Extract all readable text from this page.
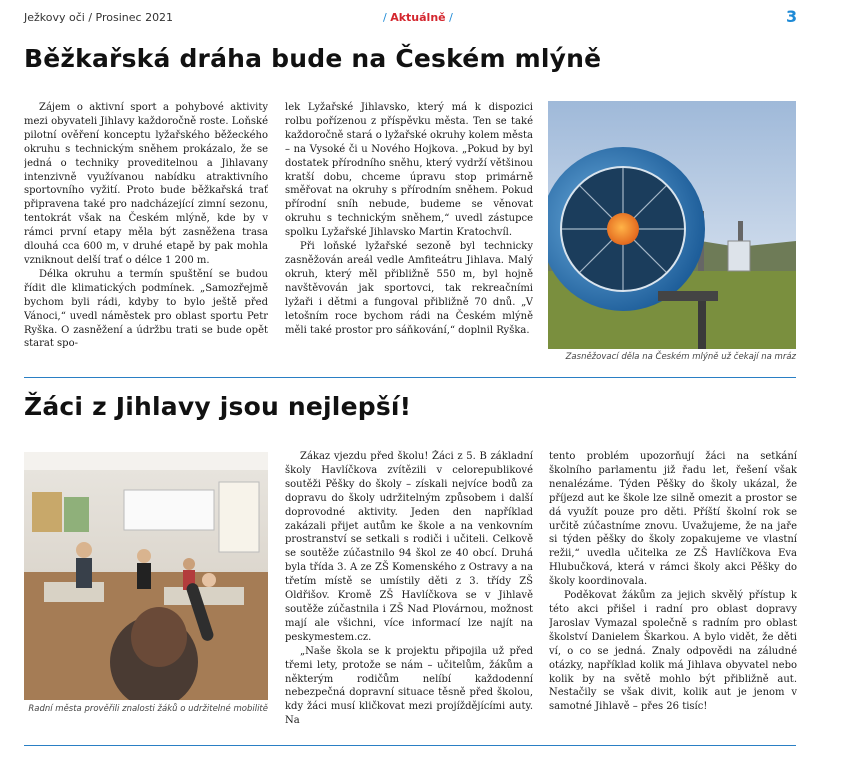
Ježkovy oči / Prosinec 2021	/ Aktuálně /	3
Běžkařská dráha bude na Českém mlýně

Zájem o aktivní sport a pohybové aktivity mezi obyvateli Jihlavy každoročně roste. Loňské pilotní ověření konceptu lyžařského běžeckého okruhu s technickým sněhem prokázalo, že se jedná o techniky proveditelnou a Jihlavany intenzivně využívanou nabídku atraktivního sportovního vyžití. Proto bude běžkařská trať připravena také pro nadcházející zimní sezonu, tentokrát však na Českém mlýně, kde by v rámci první etapy měla být zasněžena trasa dlouhá cca 600 m, v druhé etapě by pak mohla vzniknout delší trať o délce 1 200 m.

Délka okruhu a termín spuštění se budou řídit dle klimatických podmínek. „Samozřejmě bychom byli rádi, kdyby to bylo ještě před Vánoci,“ uvedl náměstek pro oblast sportu Petr Ryška. O zasněžení a údržbu trati se bude opět starat spo-

lek Lyžařské Jihlavsko, který má k dispozici rolbu pořízenou z příspěvku města. Ten se také každoročně stará o lyžařské okruhy kolem města – na Vysoké či u Nového Hojkova. „Pokud by byl dostatek přírodního sněhu, který vydrží většinou kratší dobu, chceme úpravu stop primárně směřovat na okruhy s přírodním sněhem. Pokud přírodní sníh nebude, budeme se věnovat okruhu s technickým sněhem,“ uvedl zástupce spolku Lyžařské Jihlavsko Martin Kratochvíl.

Při loňské lyžařské sezoně byl technicky zasněžován areál vedle Amfiteátru Jihlava. Malý okruh, který měl přibližně 550 m, byl hojně navštěvován jak sportovci, tak rekreačními lyžaři i dětmi a fungoval přibližně 70 dnů. „V letošním roce bychom rádi na Českém mlýně měli také prostor pro sáňkování,“ doplnil Ryška.

Zasněžovací děla na Českém mlýně už čekají na mráz
Žáci z Jihlavy jsou nejlepší!
Radní města prověřili znalosti žáků o udržitelné mobilitě

Zákaz vjezdu před školu! Žáci z 5. B základní školy Havlíčkova zvítězili v celorepublikové soutěži Pěšky do školy – získali nejvíce bodů za dopravu do školy udržitelným způsobem i další doprovodné aktivity. Jeden den například zakázali přijet autům ke škole a na venkovním prostranství se setkali s rodiči i učiteli. Celkově se soutěže zúčastnilo 94 škol ze 40 obcí. Druhá byla třída 3. A ze ZŠ Komenského z Ostravy a na třetím místě se umístily děti z 3. třídy ZŠ Oldřišov. Kromě ZŠ Havlíčkova se v Jihlavě soutěže zúčastnila i ZŠ Nad Plovárnou, možnost mají ale všichni, více informací lze najít na peskymestem.cz.

„Naše škola se k projektu připojila už před třemi lety, protože se nám – učitelům, žákům a některým rodičům nelíbí každodenní nebezpečná dopravní situace těsně před školou, kdy žáci musí kličkovat mezi projíždějícími auty. Na

tento problém upozorňují žáci na setkání školního parlamentu již řadu let, řešení však nenalézáme. Týden Pěšky do školy ukázal, že příjezd aut ke škole lze silně omezit a prostor se dá využít pouze pro děti. Příští školní rok se určitě zúčastníme znovu. Uvažujeme, že na jaře si týden pěšky do školy zopakujeme ve vlastní režii,“ uvedla učitelka ze ZŠ Havlíčkova Eva Hlubučková, která v rámci školy akci Pěšky do školy koordinovala.

Poděkovat žákům za jejich skvělý přístup k této akci přišel i radní pro oblast dopravy Jaroslav Vymazal společně s radním pro oblast školství Danielem Škarkou. A bylo vidět, že děti ví, o co se jedná. Znaly odpovědi na záludné otázky, například kolik má Jihlava obyvatel nebo kolik by na světě mohlo být přibližně aut. Nestačily se však divit, kolik aut je jenom v samotné Jihlavě – přes 26 tisíc!
